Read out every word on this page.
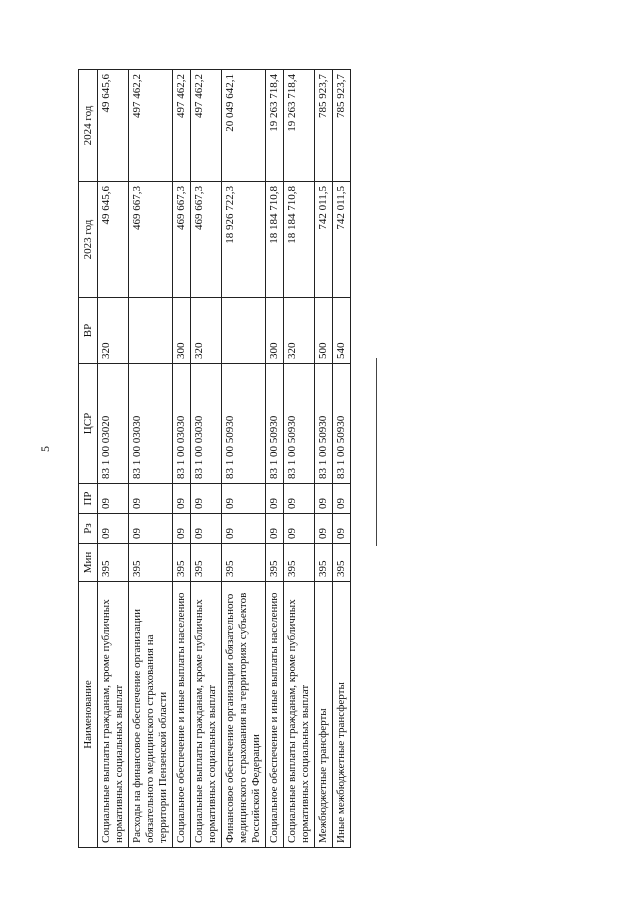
5
Наименование	Мин	Рз	ПР	ЦСР	ВР	2023 год	2024 год
Социальные выплаты гражданам, кроме публичных нормативных социальных выплат	395	09	09	83 1 00 03020	320	49 645,6	49 645,6
Расходы на финансовое обеспечение организации обязательного медицинского страхования на территории Пензенской области	395	09	09	83 1 00 03030		469 667,3	497 462,2
Социальное обеспечение и иные выплаты населению	395	09	09	83 1 00 03030	300	469 667,3	497 462,2
Социальные выплаты гражданам, кроме публичных нормативных социальных выплат	395	09	09	83 1 00 03030	320	469 667,3	497 462,2
Финансовое обеспечение организации обязательного медицинского страхования на территориях субъектов Российской Федерации	395	09	09	83 1 00 50930		18 926 722,3	20 049 642,1
Социальное обеспечение и иные выплаты населению	395	09	09	83 1 00 50930	300	18 184 710,8	19 263 718,4
Социальные выплаты гражданам, кроме публичных нормативных социальных выплат	395	09	09	83 1 00 50930	320	18 184 710,8	19 263 718,4
Межбюджетные трансферты	395	09	09	83 1 00 50930	500	742 011,5	785 923,7
Иные межбюджетные трансферты	395	09	09	83 1 00 50930	540	742 011,5	785 923,7
